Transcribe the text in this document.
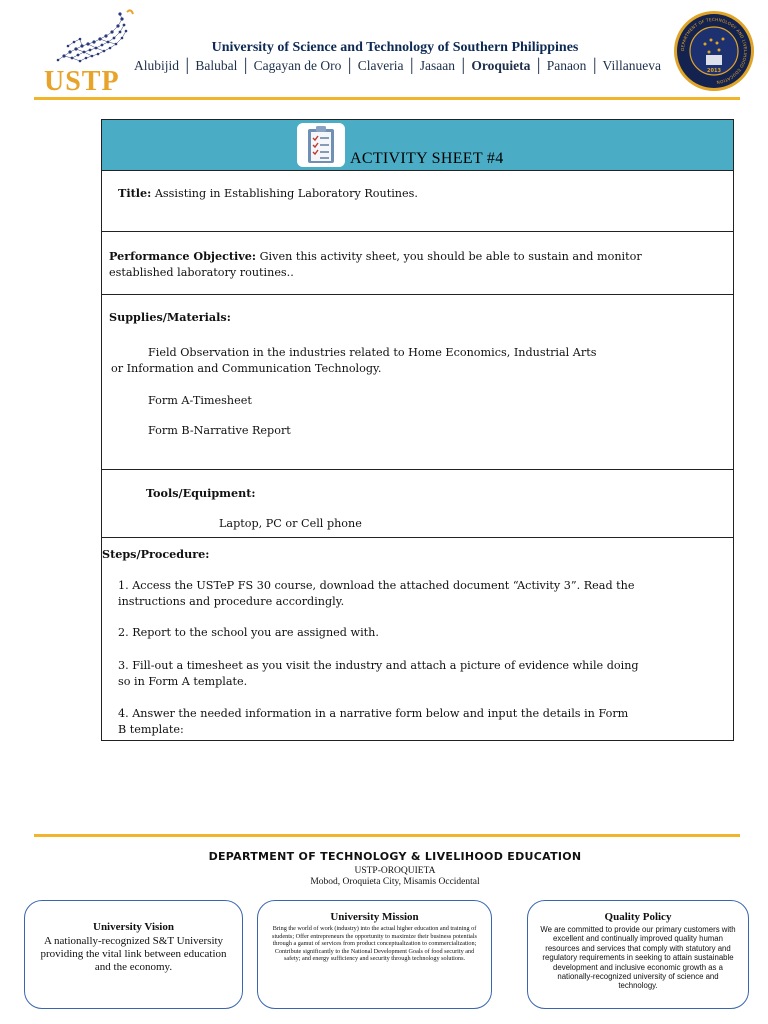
USTP
University of Science and Technology of Southern Philippines
Alubijid │ Balubal │ Cagayan de Oro │ Claveria │ Jasaan │ Oroquieta │ Panaon │ Villanueva
DEPARTMENT OF TECHNOLOGY AND LIVELIHOOD EDUCATION
2013
ACTIVITY SHEET #4
Title: Assisting in Establishing Laboratory Routines.
Performance Objective: Given this activity sheet, you should be able to sustain and monitor
established laboratory routines..
Supplies/Materials:
Field Observation in the industries related to Home Economics, Industrial Arts
or Information and Communication Technology.
Form A-Timesheet
Form B-Narrative Report
Tools/Equipment:
Laptop, PC or Cell phone
Steps/Procedure:
1. Access the USTeP FS 30 course, download the attached document “Activity 3”. Read the
instructions and procedure accordingly.
2. Report to the school you are assigned with.
3. Fill-out a timesheet as you visit the industry and attach a picture of evidence while doing
so in Form A template.
4. Answer the needed information in a narrative form below and input the details in Form
B template:
DEPARTMENT OF TECHNOLOGY & LIVELIHOOD EDUCATION
USTP-OROQUIETA
Mobod, Oroquieta City, Misamis Occidental
University Vision
A nationally-recognized S&T University providing the vital link between education and the economy.
University Mission
Bring the world of work (industry) into the actual higher education and training of students; Offer entrepreneurs the opportunity to maximize their business potentials through a gamut of services from product conceptualization to commercialization; Contribute significantly to the National Development Goals of food security and safety; and energy sufficiency and security through technology solutions.
Quality Policy
We are committed to provide our primary customers with excellent and continually improved quality human resources and services that comply with statutory and regulatory requirements in seeking to attain sustainable development and inclusive economic growth as a nationally-recognized university of science and technology.
